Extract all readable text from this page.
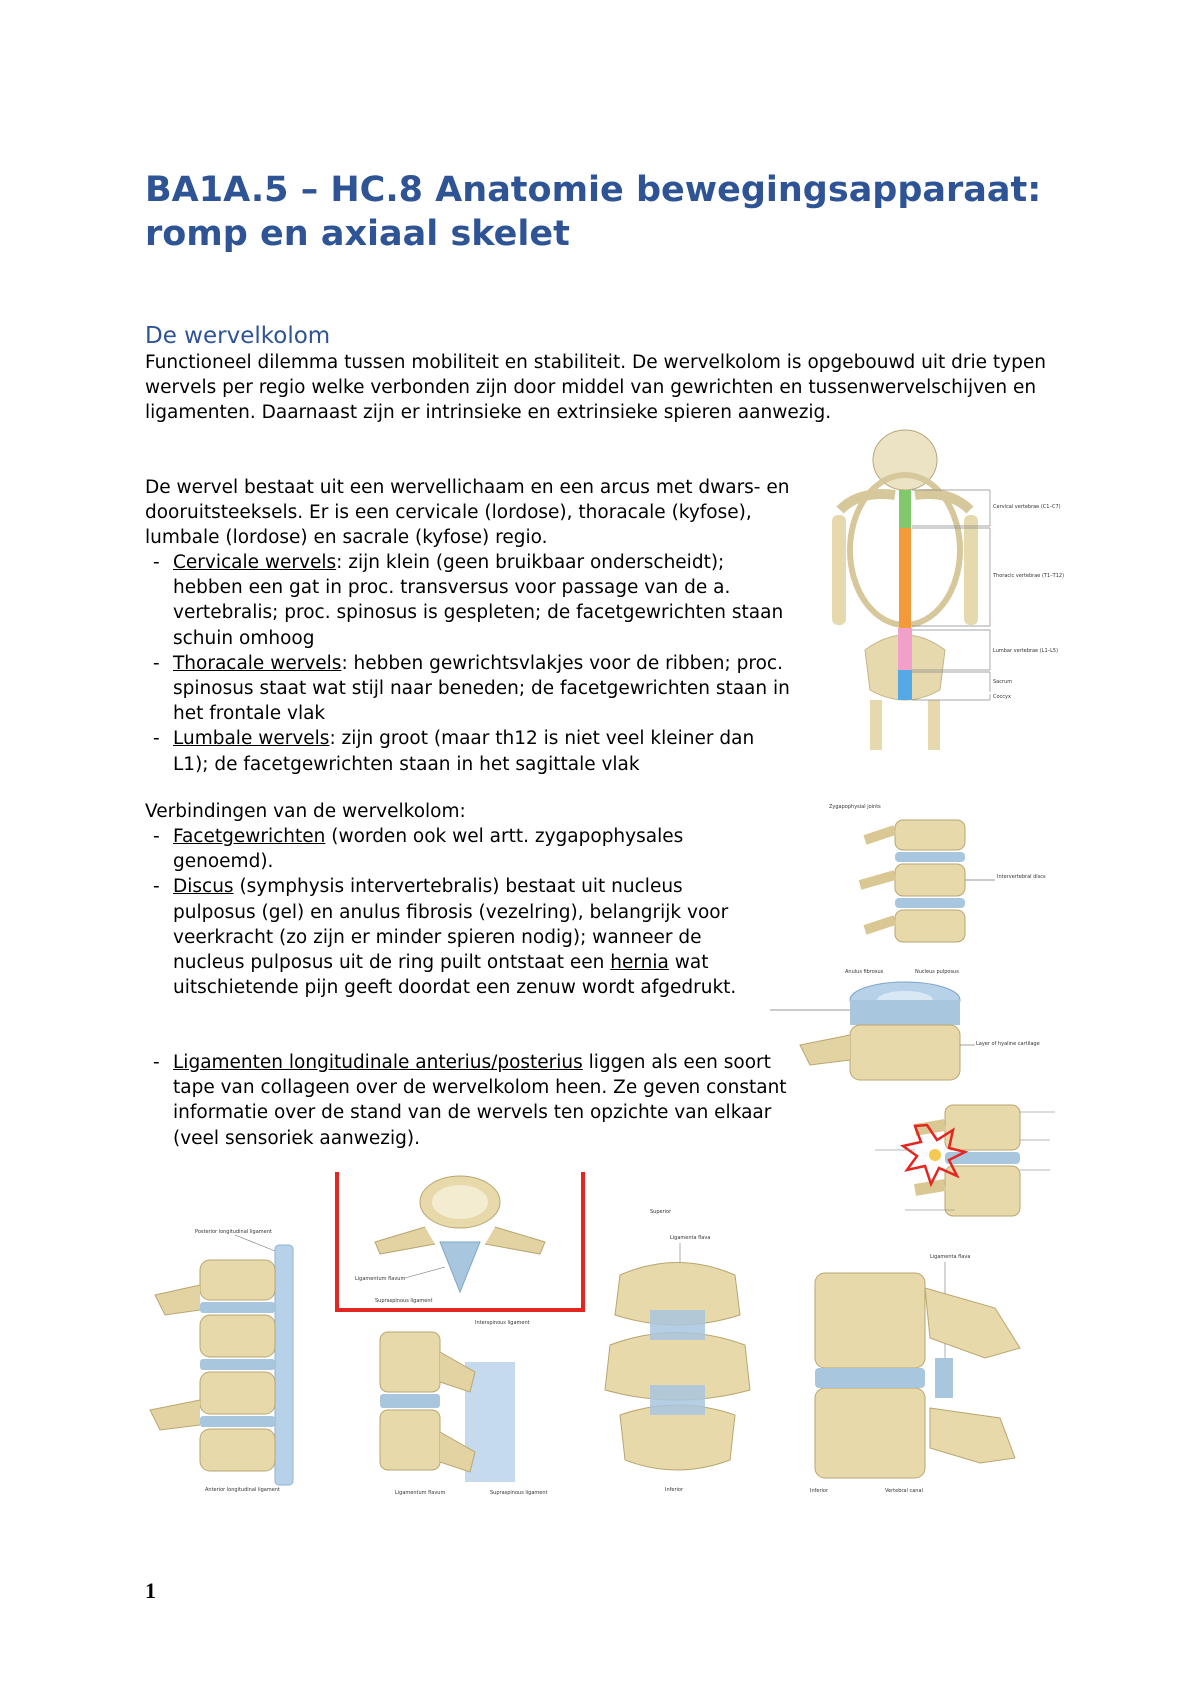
BA1A.5 – HC.8 Anatomie bewegingsapparaat: romp en axiaal skelet
De wervelkolom

Functioneel dilemma tussen mobiliteit en stabiliteit. De wervelkolom is opgebouwd uit drie typen wervels per regio welke verbonden zijn door middel van gewrichten en tussenwervelschijven en ligamenten. Daarnaast zijn er intrinsieke en extrinsieke spieren aanwezig.

De wervel bestaat uit een wervellichaam en een arcus met dwars- en dooruitsteeksels. Er is een cervicale (lordose), thoracale (kyfose), lumbale (lordose) en sacrale (kyfose) regio.

- Cervicale wervels: zijn klein (geen bruikbaar onderscheidt); hebben een gat in proc. transversus voor passage van de a. vertebralis; proc. spinosus is gespleten; de facetgewrichten staan schuin omhoog
- Thoracale wervels: hebben gewrichtsvlakjes voor de ribben; proc. spinosus staat wat stijl naar beneden; de facetgewrichten staan in het frontale vlak
- Lumbale wervels: zijn groot (maar th12 is niet veel kleiner dan L1); de facetgewrichten staan in het sagittale vlak

Verbindingen van de wervelkolom:

- Facetgewrichten (worden ook wel artt. zygapophysales genoemd).
- Discus (symphysis intervertebralis) bestaat uit nucleus pulposus (gel) en anulus fibrosis (vezelring), belangrijk voor veerkracht (zo zijn er minder spieren nodig); wanneer de nucleus pulposus uit de ring puilt ontstaat een hernia wat uitschietende pijn geeft doordat een zenuw wordt afgedrukt.
- Ligamenten longitudinale anterius/posterius liggen als een soort tape van collageen over de wervelkolom heen. Ze geven constant informatie over de stand van de wervels ten opzichte van elkaar (veel sensoriek aanwezig).
Cervical vertebrae (C1–C7)
Thoracic vertebrae (T1–T12)
Lumbar vertebrae (L1–L5)
Sacrum
Coccyx
Zygapophysial joints
Intervertebral discs
Anulus fibrosus	Nucleus pulposus
Layer of hyaline cartilage
Posterior longitudinal ligament
Anterior longitudinal ligament
Ligamentum flavum
Supraspinous ligament
Interspinous ligament
Ligamentum flavum	Supraspinous ligament
Superior
Ligamenta flava
Inferior
Ligamenta flava
Inferior	Vertebral canal

1
